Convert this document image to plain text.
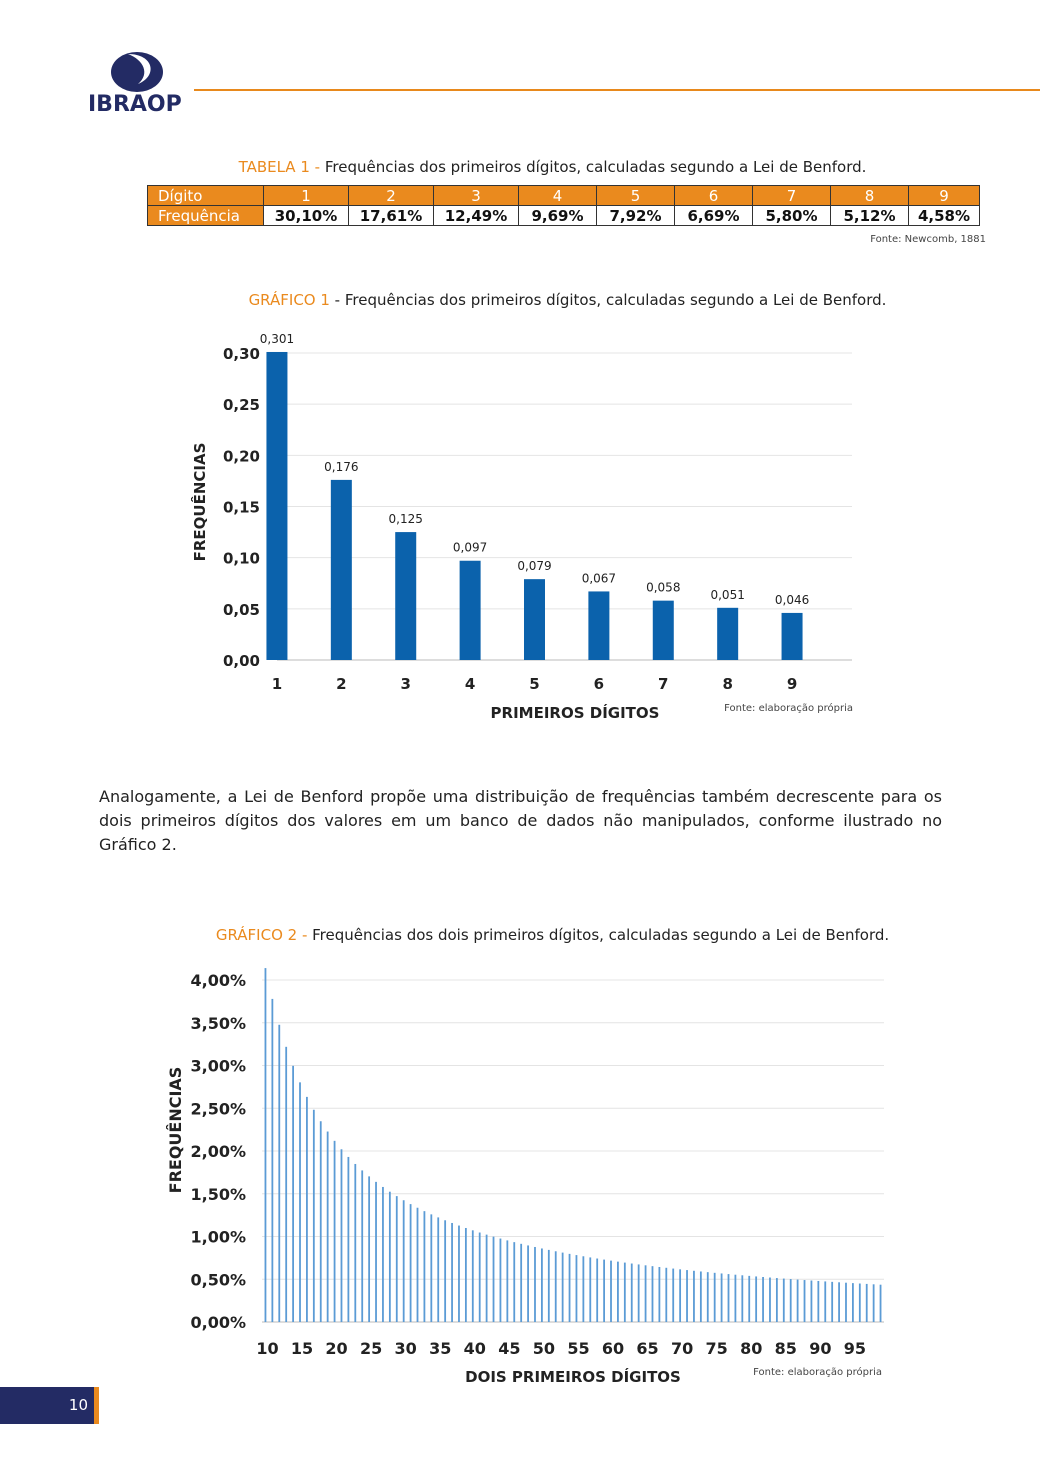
IBRAOP
TABELA 1 - Frequências dos primeiros dígitos, calculadas segundo a Lei de Benford.
Dígito	1	2	3	4	5	6	7	8	9
Frequência	30,10%	17,61%	12,49%	9,69%	7,92%	6,69%	5,80%	5,12%	4,58%
Fonte: Newcomb, 1881
GRÁFICO 1 - Frequências dos primeiros dígitos, calculadas segundo a Lei de Benford.
0,00
0,05
0,10
0,15
0,20
0,25
0,30
0,301
1
0,176
2
0,125
3
0,097
4
0,079
5
0,067
6
0,058
7
0,051
8
0,046
9
PRIMEIROS DÍGITOS
FREQUÊNCIAS
Fonte: elaboração própria
Analogamente, a Lei de Benford propõe uma distribuição de frequências também decrescente para os dois primeiros dígitos dos valores em um banco de dados não manipulados, conforme ilustrado no Gráfico 2.
GRÁFICO 2 - Frequências dos dois primeiros dígitos, calculadas segundo a Lei de Benford.
0,00%
0,50%
1,00%
1,50%
2,00%
2,50%
3,00%
3,50%
4,00%
10 15 20 25 30 35 40 45 50 55 60 65 70 75 80 85 90 95
DOIS PRIMEIROS DÍGITOS
FREQUÊNCIAS
Fonte: elaboração própria
10
